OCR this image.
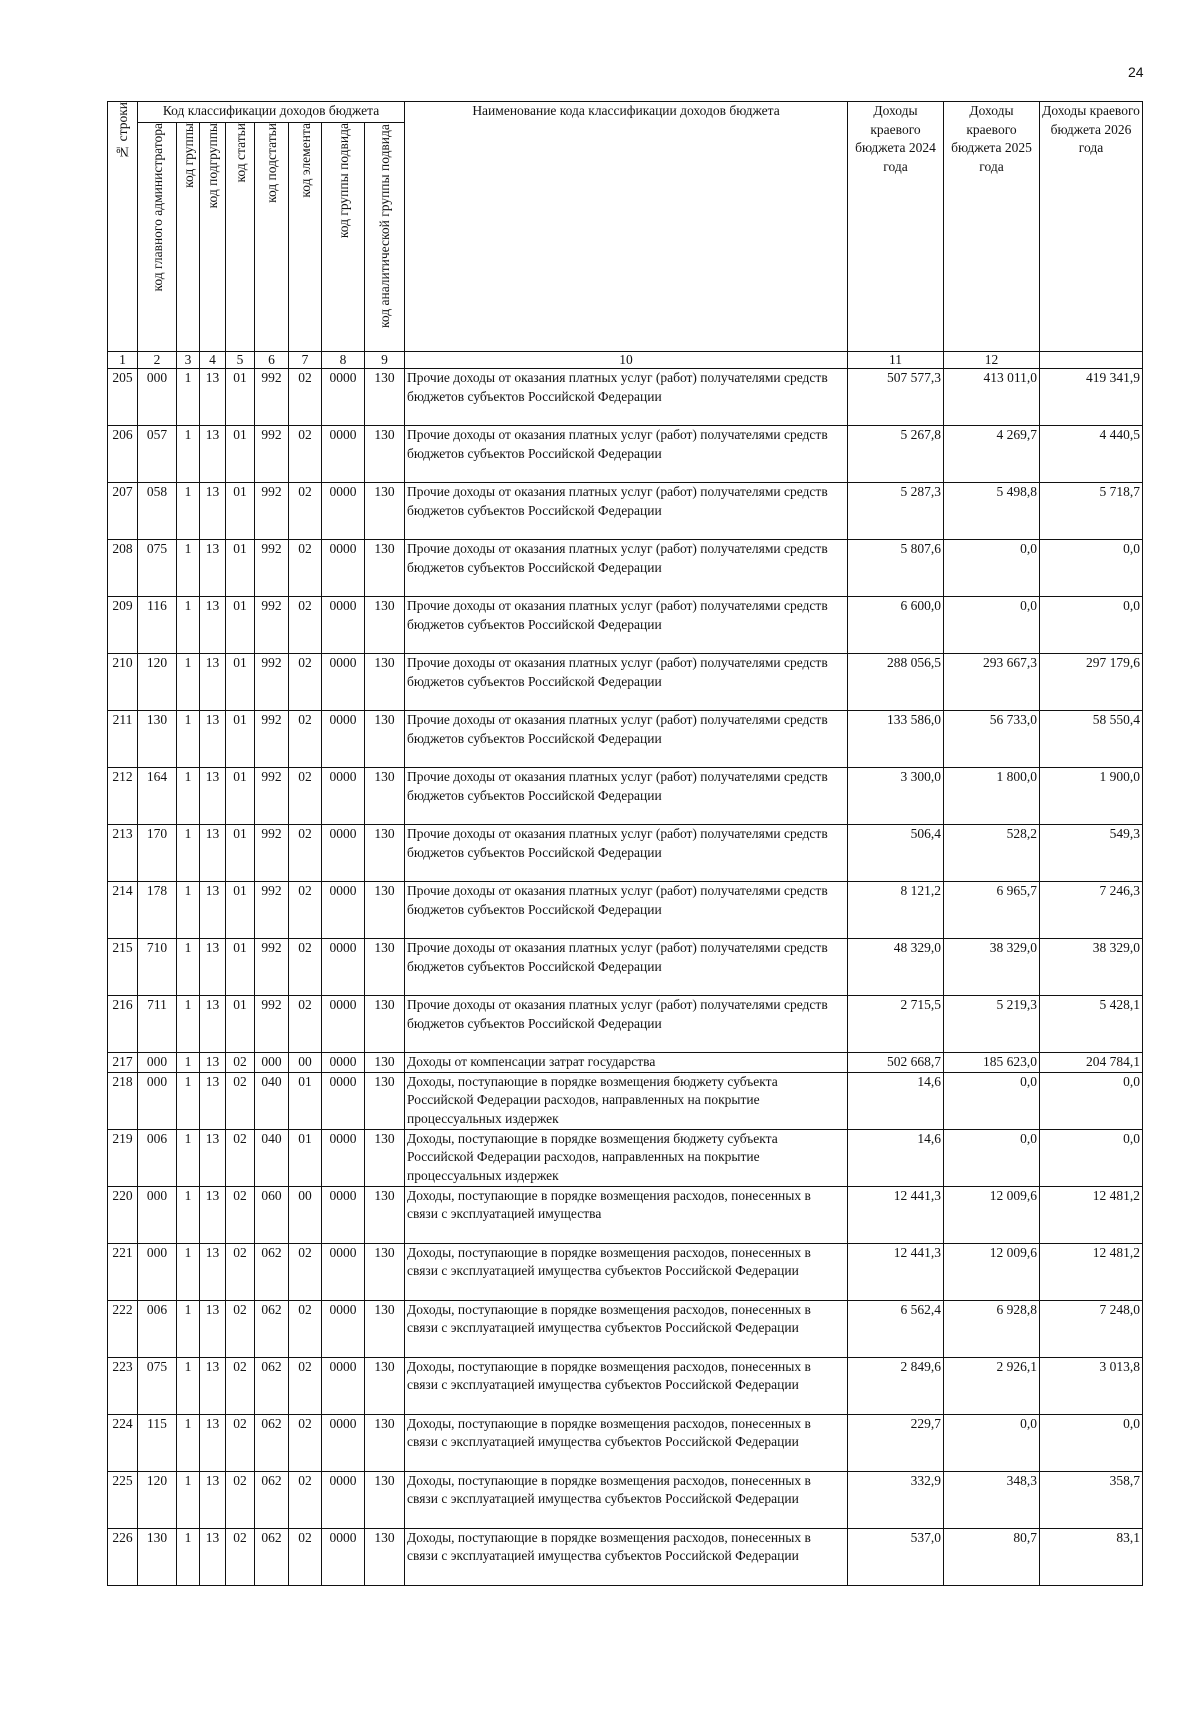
24
№ строки	Код классификации доходов бюджета								Наименование кода классификации доходов бюджета	Доходы краевого бюджета 2024 года	Доходы краевого бюджета 2025 года	Доходы краевого бюджета 2026 года

	код главного администратора	код группы	код подгруппы	код статьи	код подстатьи	код элемента	код группы подвида	код аналитической группы подвида				

1	2	3	4	5	6	7	8	9	10	11	12	
205	000	1	13	01	992	02	0000	130	Прочие доходы от оказания платных услуг (работ) получателями средств бюджетов субъектов Российской Федерации	507 577,3	413 011,0	419 341,9
206	057	1	13	01	992	02	0000	130	Прочие доходы от оказания платных услуг (работ) получателями средств бюджетов субъектов Российской Федерации	5 267,8	4 269,7	4 440,5
207	058	1	13	01	992	02	0000	130	Прочие доходы от оказания платных услуг (работ) получателями средств бюджетов субъектов Российской Федерации	5 287,3	5 498,8	5 718,7
208	075	1	13	01	992	02	0000	130	Прочие доходы от оказания платных услуг (работ) получателями средств бюджетов субъектов Российской Федерации	5 807,6	0,0	0,0
209	116	1	13	01	992	02	0000	130	Прочие доходы от оказания платных услуг (работ) получателями средств бюджетов субъектов Российской Федерации	6 600,0	0,0	0,0
210	120	1	13	01	992	02	0000	130	Прочие доходы от оказания платных услуг (работ) получателями средств бюджетов субъектов Российской Федерации	288 056,5	293 667,3	297 179,6
211	130	1	13	01	992	02	0000	130	Прочие доходы от оказания платных услуг (работ) получателями средств бюджетов субъектов Российской Федерации	133 586,0	56 733,0	58 550,4
212	164	1	13	01	992	02	0000	130	Прочие доходы от оказания платных услуг (работ) получателями средств бюджетов субъектов Российской Федерации	3 300,0	1 800,0	1 900,0
213	170	1	13	01	992	02	0000	130	Прочие доходы от оказания платных услуг (работ) получателями средств бюджетов субъектов Российской Федерации	506,4	528,2	549,3
214	178	1	13	01	992	02	0000	130	Прочие доходы от оказания платных услуг (работ) получателями средств бюджетов субъектов Российской Федерации	8 121,2	6 965,7	7 246,3
215	710	1	13	01	992	02	0000	130	Прочие доходы от оказания платных услуг (работ) получателями средств бюджетов субъектов Российской Федерации	48 329,0	38 329,0	38 329,0
216	711	1	13	01	992	02	0000	130	Прочие доходы от оказания платных услуг (работ) получателями средств бюджетов субъектов Российской Федерации	2 715,5	5 219,3	5 428,1
217	000	1	13	02	000	00	0000	130	Доходы от компенсации затрат государства	502 668,7	185 623,0	204 784,1
218	000	1	13	02	040	01	0000	130	Доходы, поступающие в порядке возмещения бюджету субъекта Российской Федерации расходов, направленных на покрытие процессуальных издержек	14,6	0,0	0,0
219	006	1	13	02	040	01	0000	130	Доходы, поступающие в порядке возмещения бюджету субъекта Российской Федерации расходов, направленных на покрытие процессуальных издержек	14,6	0,0	0,0
220	000	1	13	02	060	00	0000	130	Доходы, поступающие в порядке возмещения расходов, понесенных в связи с эксплуатацией имущества	12 441,3	12 009,6	12 481,2
221	000	1	13	02	062	02	0000	130	Доходы, поступающие в порядке возмещения расходов, понесенных в связи с эксплуатацией имущества субъектов Российской Федерации	12 441,3	12 009,6	12 481,2
222	006	1	13	02	062	02	0000	130	Доходы, поступающие в порядке возмещения расходов, понесенных в связи с эксплуатацией имущества субъектов Российской Федерации	6 562,4	6 928,8	7 248,0
223	075	1	13	02	062	02	0000	130	Доходы, поступающие в порядке возмещения расходов, понесенных в связи с эксплуатацией имущества субъектов Российской Федерации	2 849,6	2 926,1	3 013,8
224	115	1	13	02	062	02	0000	130	Доходы, поступающие в порядке возмещения расходов, понесенных в связи с эксплуатацией имущества субъектов Российской Федерации	229,7	0,0	0,0
225	120	1	13	02	062	02	0000	130	Доходы, поступающие в порядке возмещения расходов, понесенных в связи с эксплуатацией имущества субъектов Российской Федерации	332,9	348,3	358,7
226	130	1	13	02	062	02	0000	130	Доходы, поступающие в порядке возмещения расходов, понесенных в связи с эксплуатацией имущества субъектов Российской Федерации	537,0	80,7	83,1
